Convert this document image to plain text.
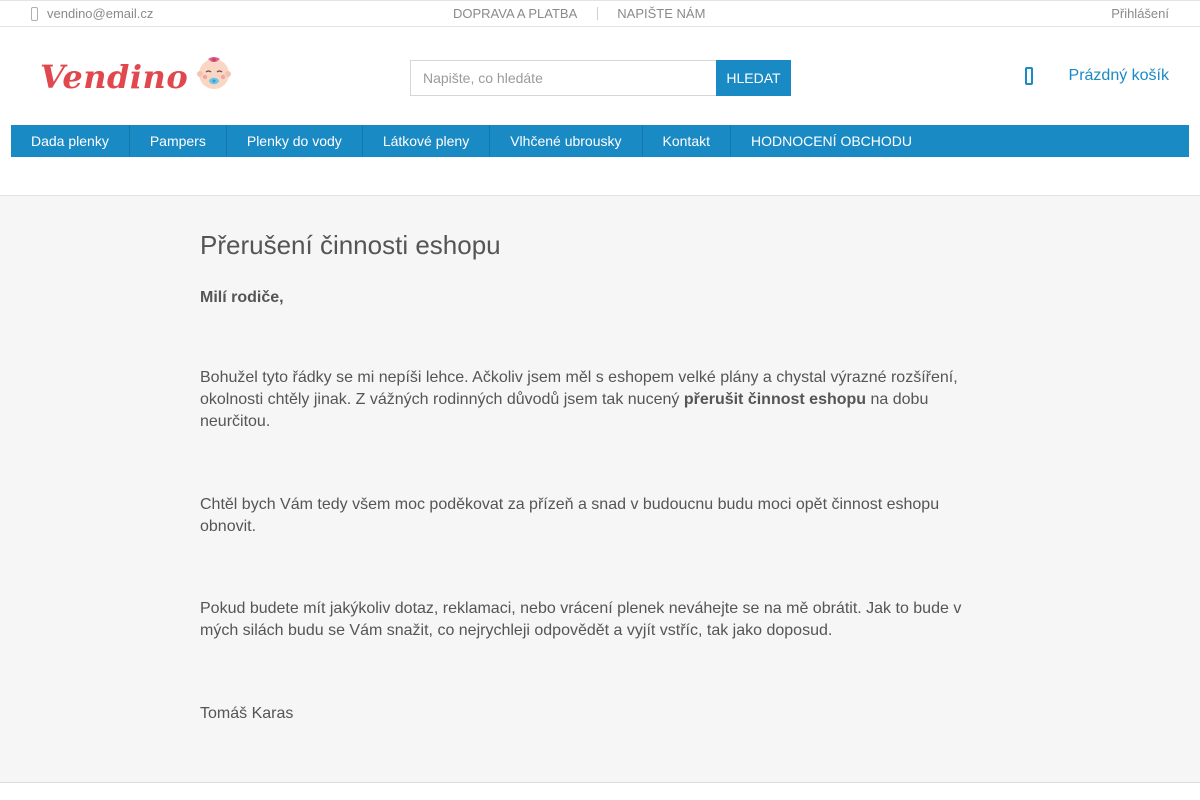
vendino@email.cz	DOPRAVA A PLATBA	NAPIŠTE NÁM	Přihlášení
Vendino
Napište, co hledáte	HLEDAT	Prázdný košík
Dada plenky	Pampers	Plenky do vody	Látkové pleny	Vlhčené ubrousky	Kontakt	HODNOCENÍ OBCHODU
Přerušení činnosti eshopu

Milí rodiče,

Bohužel tyto řádky se mi nepíši lehce. Ačkoliv jsem měl s eshopem velké plány a chystal výrazné rozšíření, okolnosti chtěly jinak. Z vážných rodinných důvodů jsem tak nucený přerušit činnost eshopu na dobu neurčitou.

Chtěl bych Vám tedy všem moc poděkovat za přízeň a snad v budoucnu budu moci opět činnost eshopu obnovit.

Pokud budete mít jakýkoliv dotaz, reklamaci, nebo vrácení plenek neváhejte se na mě obrátit. Jak to bude v mých silách budu se Vám snažit, co nejrychleji odpovědět a vyjít vstříc, tak jako doposud.

Tomáš Karas
